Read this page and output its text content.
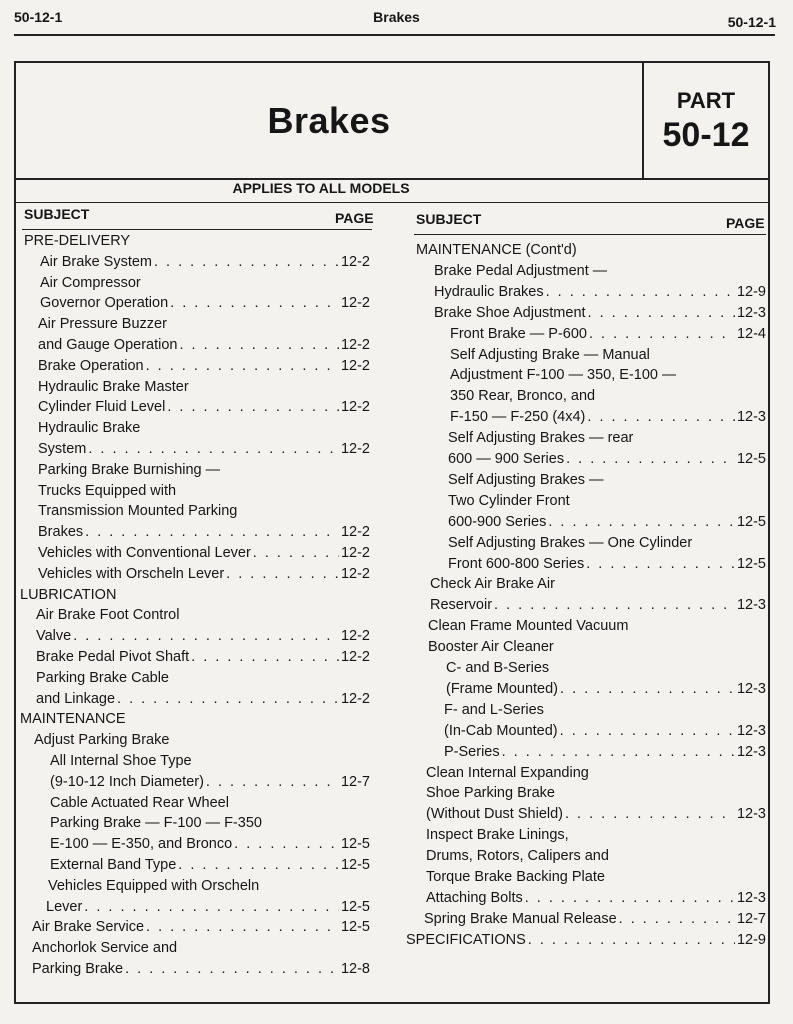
50-12-1	Brakes	50-12-1
Brakes	PART
50-12
APPLIES TO ALL MODELS
SUBJECT	PAGE	SUBJECT	PAGE
PRE-DELIVERY
Air Brake System . . .	12-2
Air Compressor
Governor Operation . . .	12-2
Air Pressure Buzzer
and Gauge Operation . . .	12-2
Brake Operation . . .	12-2
Hydraulic Brake Master
Cylinder Fluid Level . . .	12-2
Hydraulic Brake
System . . .	12-2
Parking Brake Burnishing —
Trucks Equipped with
Transmission Mounted Parking
Brakes . . .	12-2
Vehicles with Conventional Lever . . .	12-2
Vehicles with Orscheln Lever . . .	12-2
LUBRICATION
Air Brake Foot Control
Valve . . .	12-2
Brake Pedal Pivot Shaft . . .	12-2
Parking Brake Cable
and Linkage . . .	12-2
MAINTENANCE
Adjust Parking Brake
All Internal Shoe Type
(9-10-12 Inch Diameter) . . .	12-7
Cable Actuated Rear Wheel
Parking Brake — F-100 — F-350
E-100 — E-350, and Bronco . . .	12-5
External Band Type . . .	12-5
Vehicles Equipped with Orscheln
Lever . . .	12-5
Air Brake Service . . .	12-5
Anchorlok Service and
Parking Brake . . .	12-8
MAINTENANCE (Cont'd)
Brake Pedal Adjustment —
Hydraulic Brakes . . .	12-9
Brake Shoe Adjustment . . .	12-3
Front Brake — P-600 . . .	12-4
Self Adjusting Brake — Manual
Adjustment F-100 — 350, E-100 —
350 Rear, Bronco, and
F-150 — F-250 (4x4) . . .	12-3
Self Adjusting Brakes — rear
600 — 900 Series . . .	12-5
Self Adjusting Brakes —
Two Cylinder Front
600-900 Series . . .	12-5
Self Adjusting Brakes — One Cylinder
Front 600-800 Series . . .	12-5
Check Air Brake Air
Reservoir . . .	12-3
Clean Frame Mounted Vacuum
Booster Air Cleaner
C- and B-Series
(Frame Mounted) . . .	12-3
F- and L-Series
(In-Cab Mounted) . . .	12-3
P-Series . . .	12-3
Clean Internal Expanding
Shoe Parking Brake
(Without Dust Shield) . . .	12-3
Inspect Brake Linings,
Drums, Rotors, Calipers and
Torque Brake Backing Plate
Attaching Bolts . . .	12-3
Spring Brake Manual Release . . .	12-7
SPECIFICATIONS . . .	12-9
